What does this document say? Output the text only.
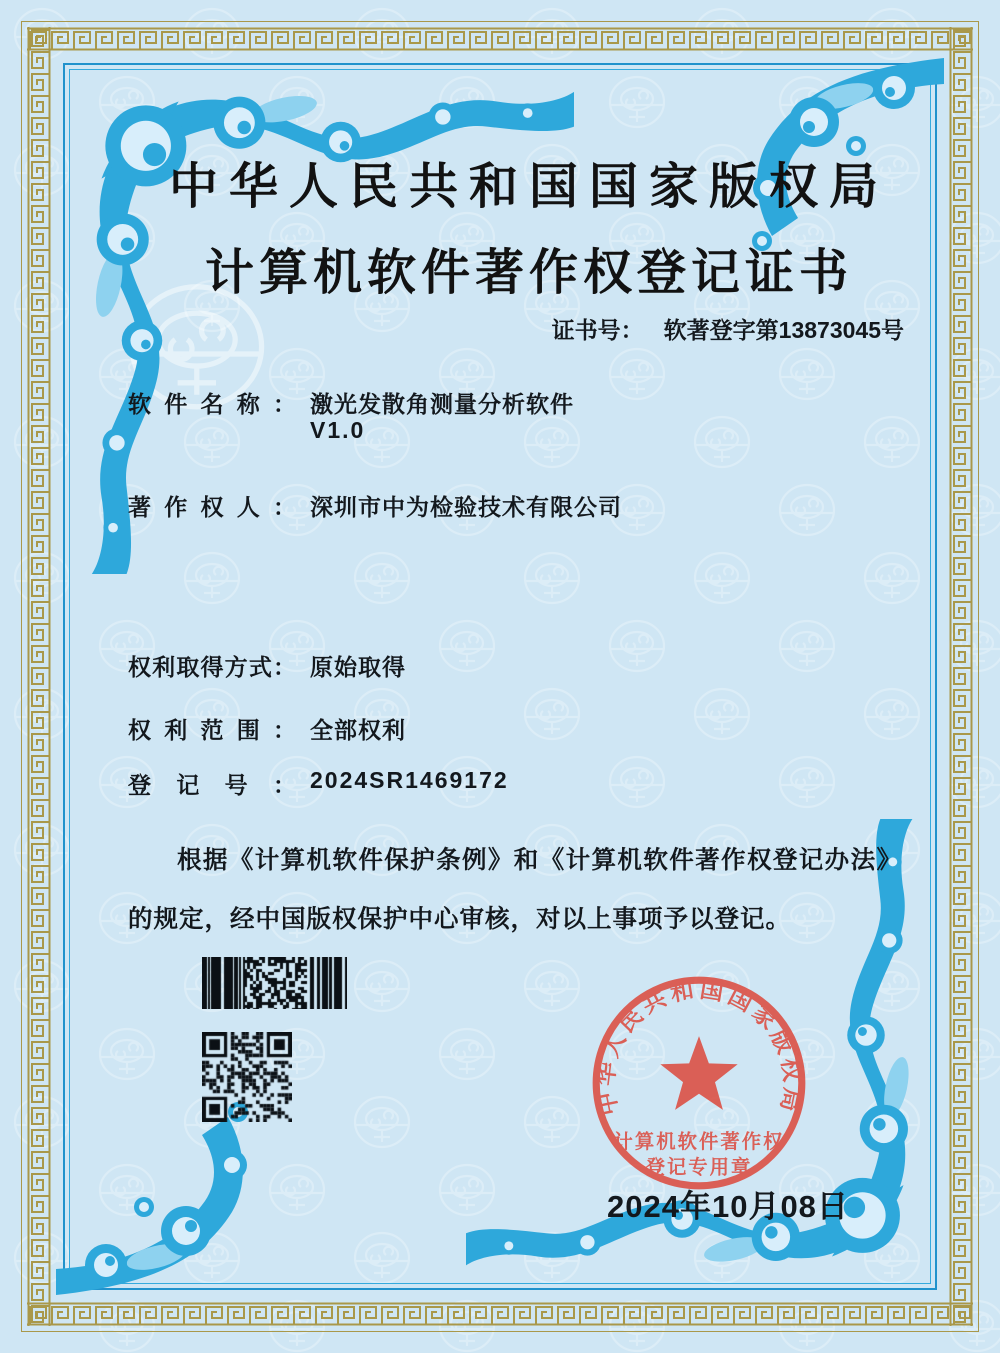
中华人民共和国国家版权局
计算机软件著作权登记证书
证书号： 软著登字第13873045号
软件名称： 激光发散角测量分析软件
V1.0
著作权人： 深圳市中为检验技术有限公司
权利取得方式： 原始取得
权利范围： 全部权利
登记号： 2024SR1469172
根据《计算机软件保护条例》和《计算机软件著作权登记办法》的规定，经中国版权保护中心审核，对以上事项予以登记。
中华人民共和国国家版权局
计算机软件著作权
登记专用章
2024年10月08日
